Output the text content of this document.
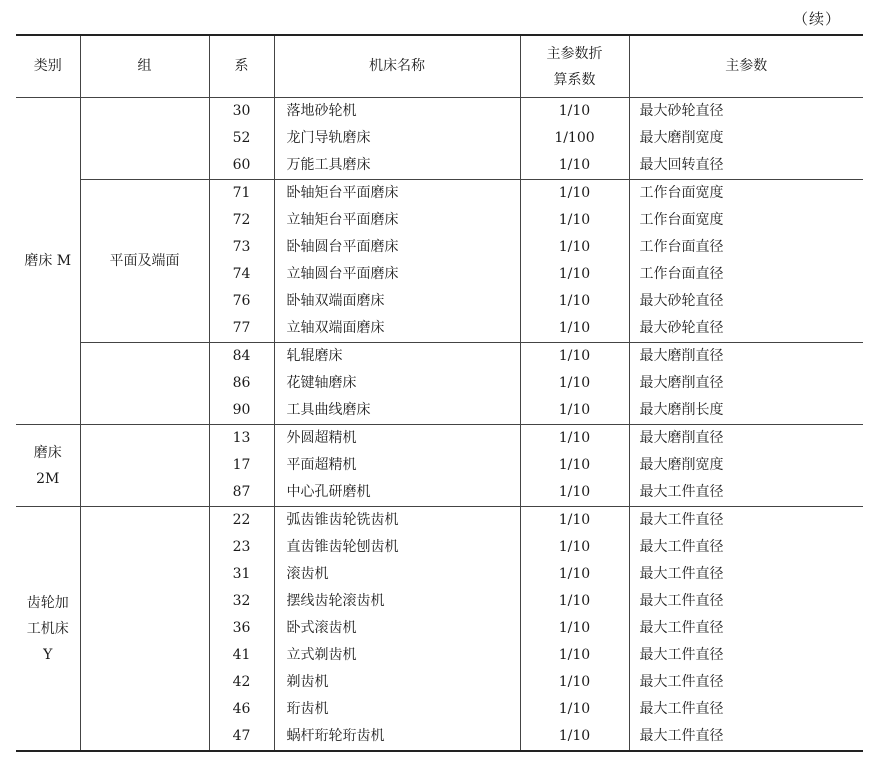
（续）
类别	组	系	机床名称	主参数折
算系数	主参数
磨床 M		30	落地砂轮机	1/10	最大砂轮直径
		52	龙门导轨磨床	1/100	最大磨削宽度
		60	万能工具磨床	1/10	最大回转直径
	平面及端面	71	卧轴矩台平面磨床	1/10	工作台面宽度
		72	立轴矩台平面磨床	1/10	工作台面宽度
		73	卧轴圆台平面磨床	1/10	工作台面直径
		74	立轴圆台平面磨床	1/10	工作台面直径
		76	卧轴双端面磨床	1/10	最大砂轮直径
		77	立轴双端面磨床	1/10	最大砂轮直径
		84	轧辊磨床	1/10	最大磨削直径
		86	花键轴磨床	1/10	最大磨削直径
		90	工具曲线磨床	1/10	最大磨削长度
磨床
2M		13	外圆超精机	1/10	最大磨削直径
		17	平面超精机	1/10	最大磨削宽度
		87	中心孔研磨机	1/10	最大工件直径
齿轮加
工机床
Y		22	弧齿锥齿轮铣齿机	1/10	最大工件直径
		23	直齿锥齿轮刨齿机	1/10	最大工件直径
		31	滚齿机	1/10	最大工件直径
		32	摆线齿轮滚齿机	1/10	最大工件直径
		36	卧式滚齿机	1/10	最大工件直径
		41	立式剃齿机	1/10	最大工件直径
		42	剃齿机	1/10	最大工件直径
		46	珩齿机	1/10	最大工件直径
		47	蜗杆珩轮珩齿机	1/10	最大工件直径
